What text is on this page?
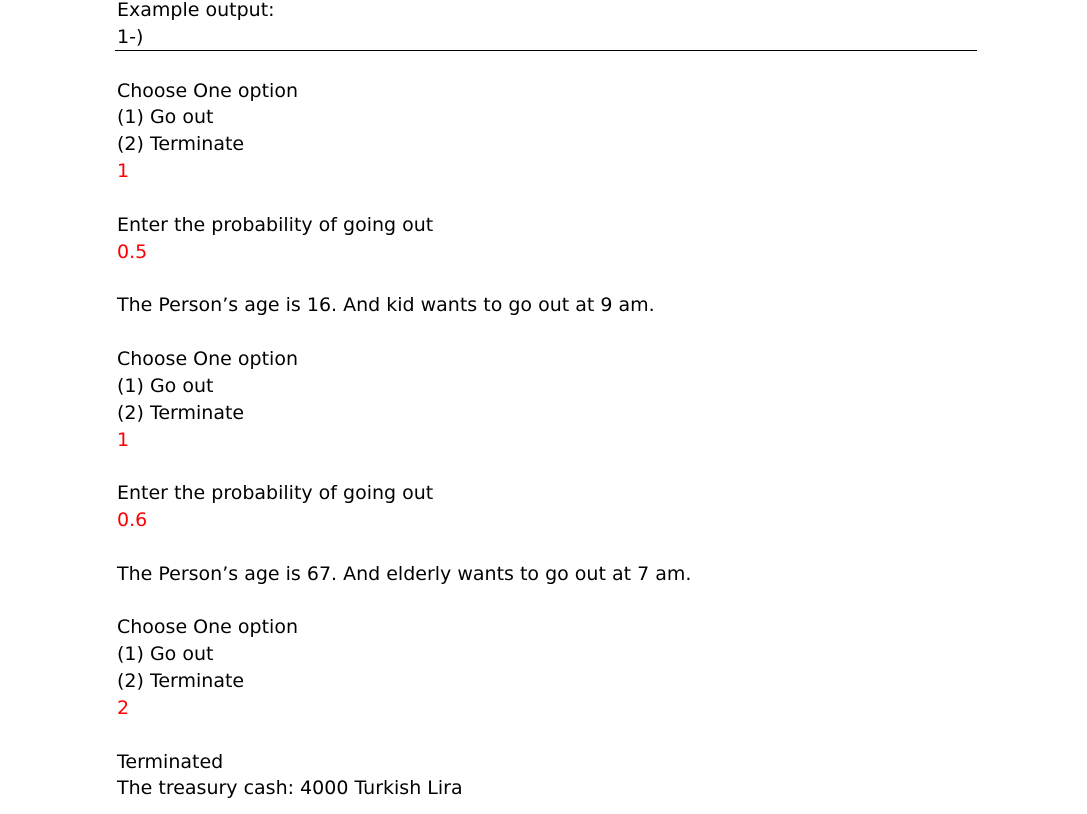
Example output:
1-)
Choose One option
(1) Go out
(2) Terminate
1
Enter the probability of going out
0.5
The Person’s age is 16. And kid wants to go out at 9 am.
Choose One option
(1) Go out
(2) Terminate
1
Enter the probability of going out
0.6
The Person’s age is 67. And elderly wants to go out at 7 am.
Choose One option
(1) Go out
(2) Terminate
2
Terminated
The treasury cash: 4000 Turkish Lira
